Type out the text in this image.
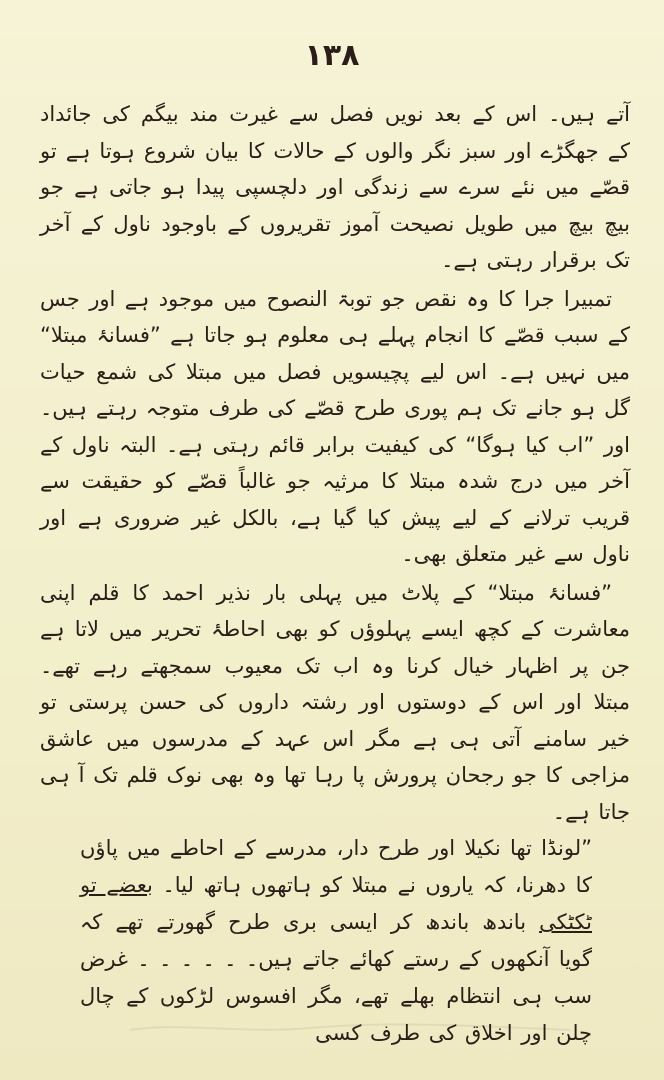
۱۳۸

آتے ہیں۔ اس کے بعد نویں فصل سے غیرت مند بیگم کی جائداد کے جھگڑے اور سبز نگر والوں کے حالات کا بیان شروع ہوتا ہے تو قصّے میں نئے سرے سے زندگی اور دلچسپی پیدا ہو جاتی ہے جو بیچ بیچ میں طویل نصیحت آموز تقریروں کے باوجود ناول کے آخر تک برقرار رہتی ہے۔

تمبیرا جرا کا وہ نقص جو توبۃ النصوح میں موجود ہے اور جس کے سبب قصّے کا انجام پہلے ہی معلوم ہو جاتا ہے ”فسانۂ مبتلا“ میں نہیں ہے۔ اس لیے پچیسویں فصل میں مبتلا کی شمع حیات گل ہو جانے تک ہم پوری طرح قصّے کی طرف متوجہ رہتے ہیں۔ اور ”اب کیا ہوگا“ کی کیفیت برابر قائم رہتی ہے۔ البتہ ناول کے آخر میں درج شدہ مبتلا کا مرثیہ جو غالباً قصّے کو حقیقت سے قریب ترلانے کے لیے پیش کیا گیا ہے، بالکل غیر ضروری ہے اور ناول سے غیر متعلق بھی۔

”فسانۂ مبتلا“ کے پلاٹ میں پہلی بار نذیر احمد کا قلم اپنی معاشرت کے کچھ ایسے پہلوؤں کو بھی احاطۂ تحریر میں لاتا ہے جن پر اظہار خیال کرنا وہ اب تک معیوب سمجھتے رہے تھے۔ مبتلا اور اس کے دوستوں اور رشتہ داروں کی حسن پرستی تو خیر سامنے آتی ہی ہے مگر اس عہد کے مدرسوں میں عاشق مزاجی کا جو رجحان پرورش پا رہا تھا وہ بھی نوک قلم تک آ ہی جاتا ہے۔

”لونڈا تھا نکیلا اور طرح دار، مدرسے کے احاطے میں پاؤں کا دھرنا، کہ یاروں نے مبتلا کو ہاتھوں ہاتھ لیا۔ بعضے تو ٹکٹکی باندھ باندھ کر ایسی بری طرح گھورتے تھے کہ گویا آنکھوں کے رستے کھائے جاتے ہیں۔ ۔ ۔ ۔ ۔ ۔ غرض سب ہی انتظام بھلے تھے، مگر افسوس لڑکوں کے چال چلن اور اخلاق کی طرف کسی
